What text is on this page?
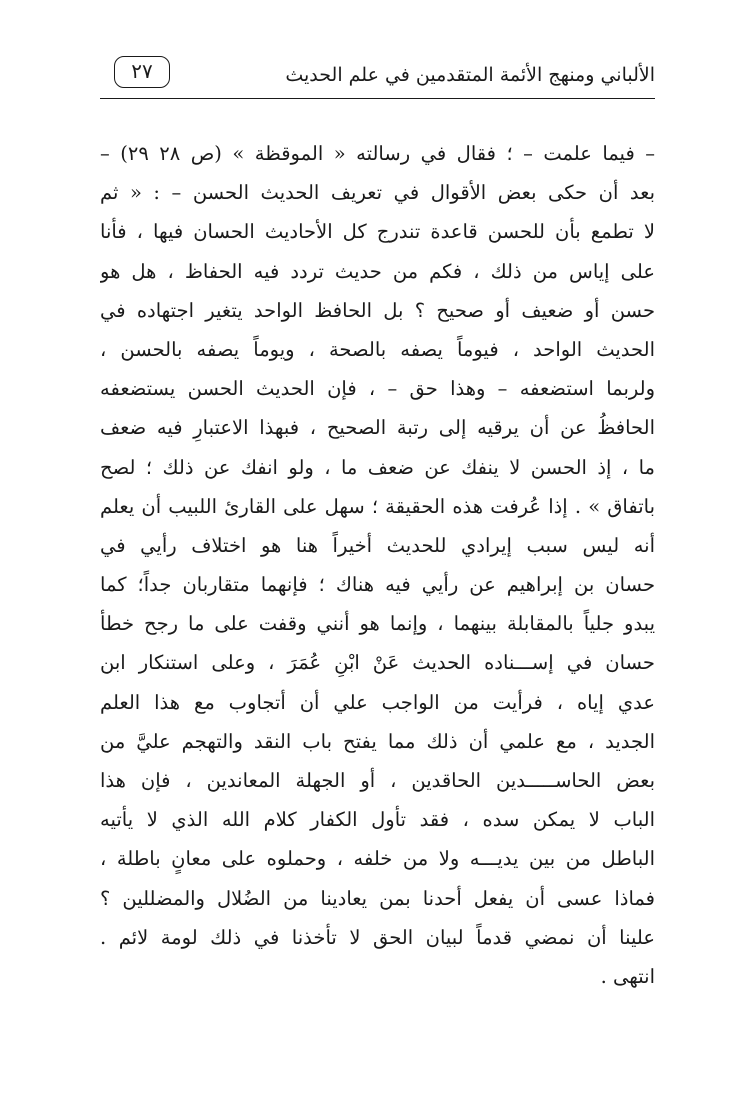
الألباني ومنهج الأئمة المتقدمين في علم الحديث
٢٧
– فيما علمت – ؛ فقال في رسالته « الموقظة » (ص ٢٨ ٢٩) –
بعد أن حكى بعض الأقوال في تعريف الحديث الحسن – : « ثم
لا تطمع بأن للحسن قاعدة تندرج كل الأحاديث الحسان فيها ، فأنا
على إياس من ذلك ، فكم من حديث تردد فيه الحفاظ ، هل هو
حسن أو ضعيف أو صحيح ؟ بل الحافظ الواحد يتغير اجتهاده في
الحديث الواحد ، فيوماً يصفه بالصحة ، ويوماً يصفه بالحسن ،
ولربما استضعفه – وهذا حق – ، فإن الحديث الحسن يستضعفه
الحافظُ عن أن يرقيه إلى رتبة الصحيح ، فبهذا الاعتبارِ فيه ضعف
ما ، إذ الحسن لا ينفك عن ضعف ما ، ولو انفك عن ذلك ؛ لصح
باتفاق » . إذا عُرفت هذه الحقيقة ؛ سهل على القارئ اللبيب أن يعلم
أنه ليس سبب إيرادي للحديث أخيراً هنا هو اختلاف رأيي في
حسان بن إبراهيم عن رأيي فيه هناك ؛ فإنهما متقاربان جداً؛ كما
يبدو جلياً بالمقابلة بينهما ، وإنما هو أنني وقفت على ما رجح خطأ
حسان في إســـناده الحديث عَنْ ابْنِ عُمَرَ ، وعلى استنكار ابن
عدي إياه ، فرأيت من الواجب علي أن أتجاوب مع هذا العلم
الجديد ، مع علمي أن ذلك مما يفتح باب النقد والتهجم عليَّ من
بعض الحاســـــدين الحاقدين ، أو الجهلة المعاندين ، فإن هذا
الباب لا يمكن سده ، فقد تأول الكفار كلام الله الذي لا يأتيه
الباطل من بين يديـــه ولا من خلفه ، وحملوه على معانٍ باطلة ،
فماذا عسى أن يفعل أحدنا بمن يعادينا من الضُلال والمضللين ؟
علينا أن نمضي قدماً لبيان الحق لا تأخذنا في ذلك لومة لائم .
انتهى .
